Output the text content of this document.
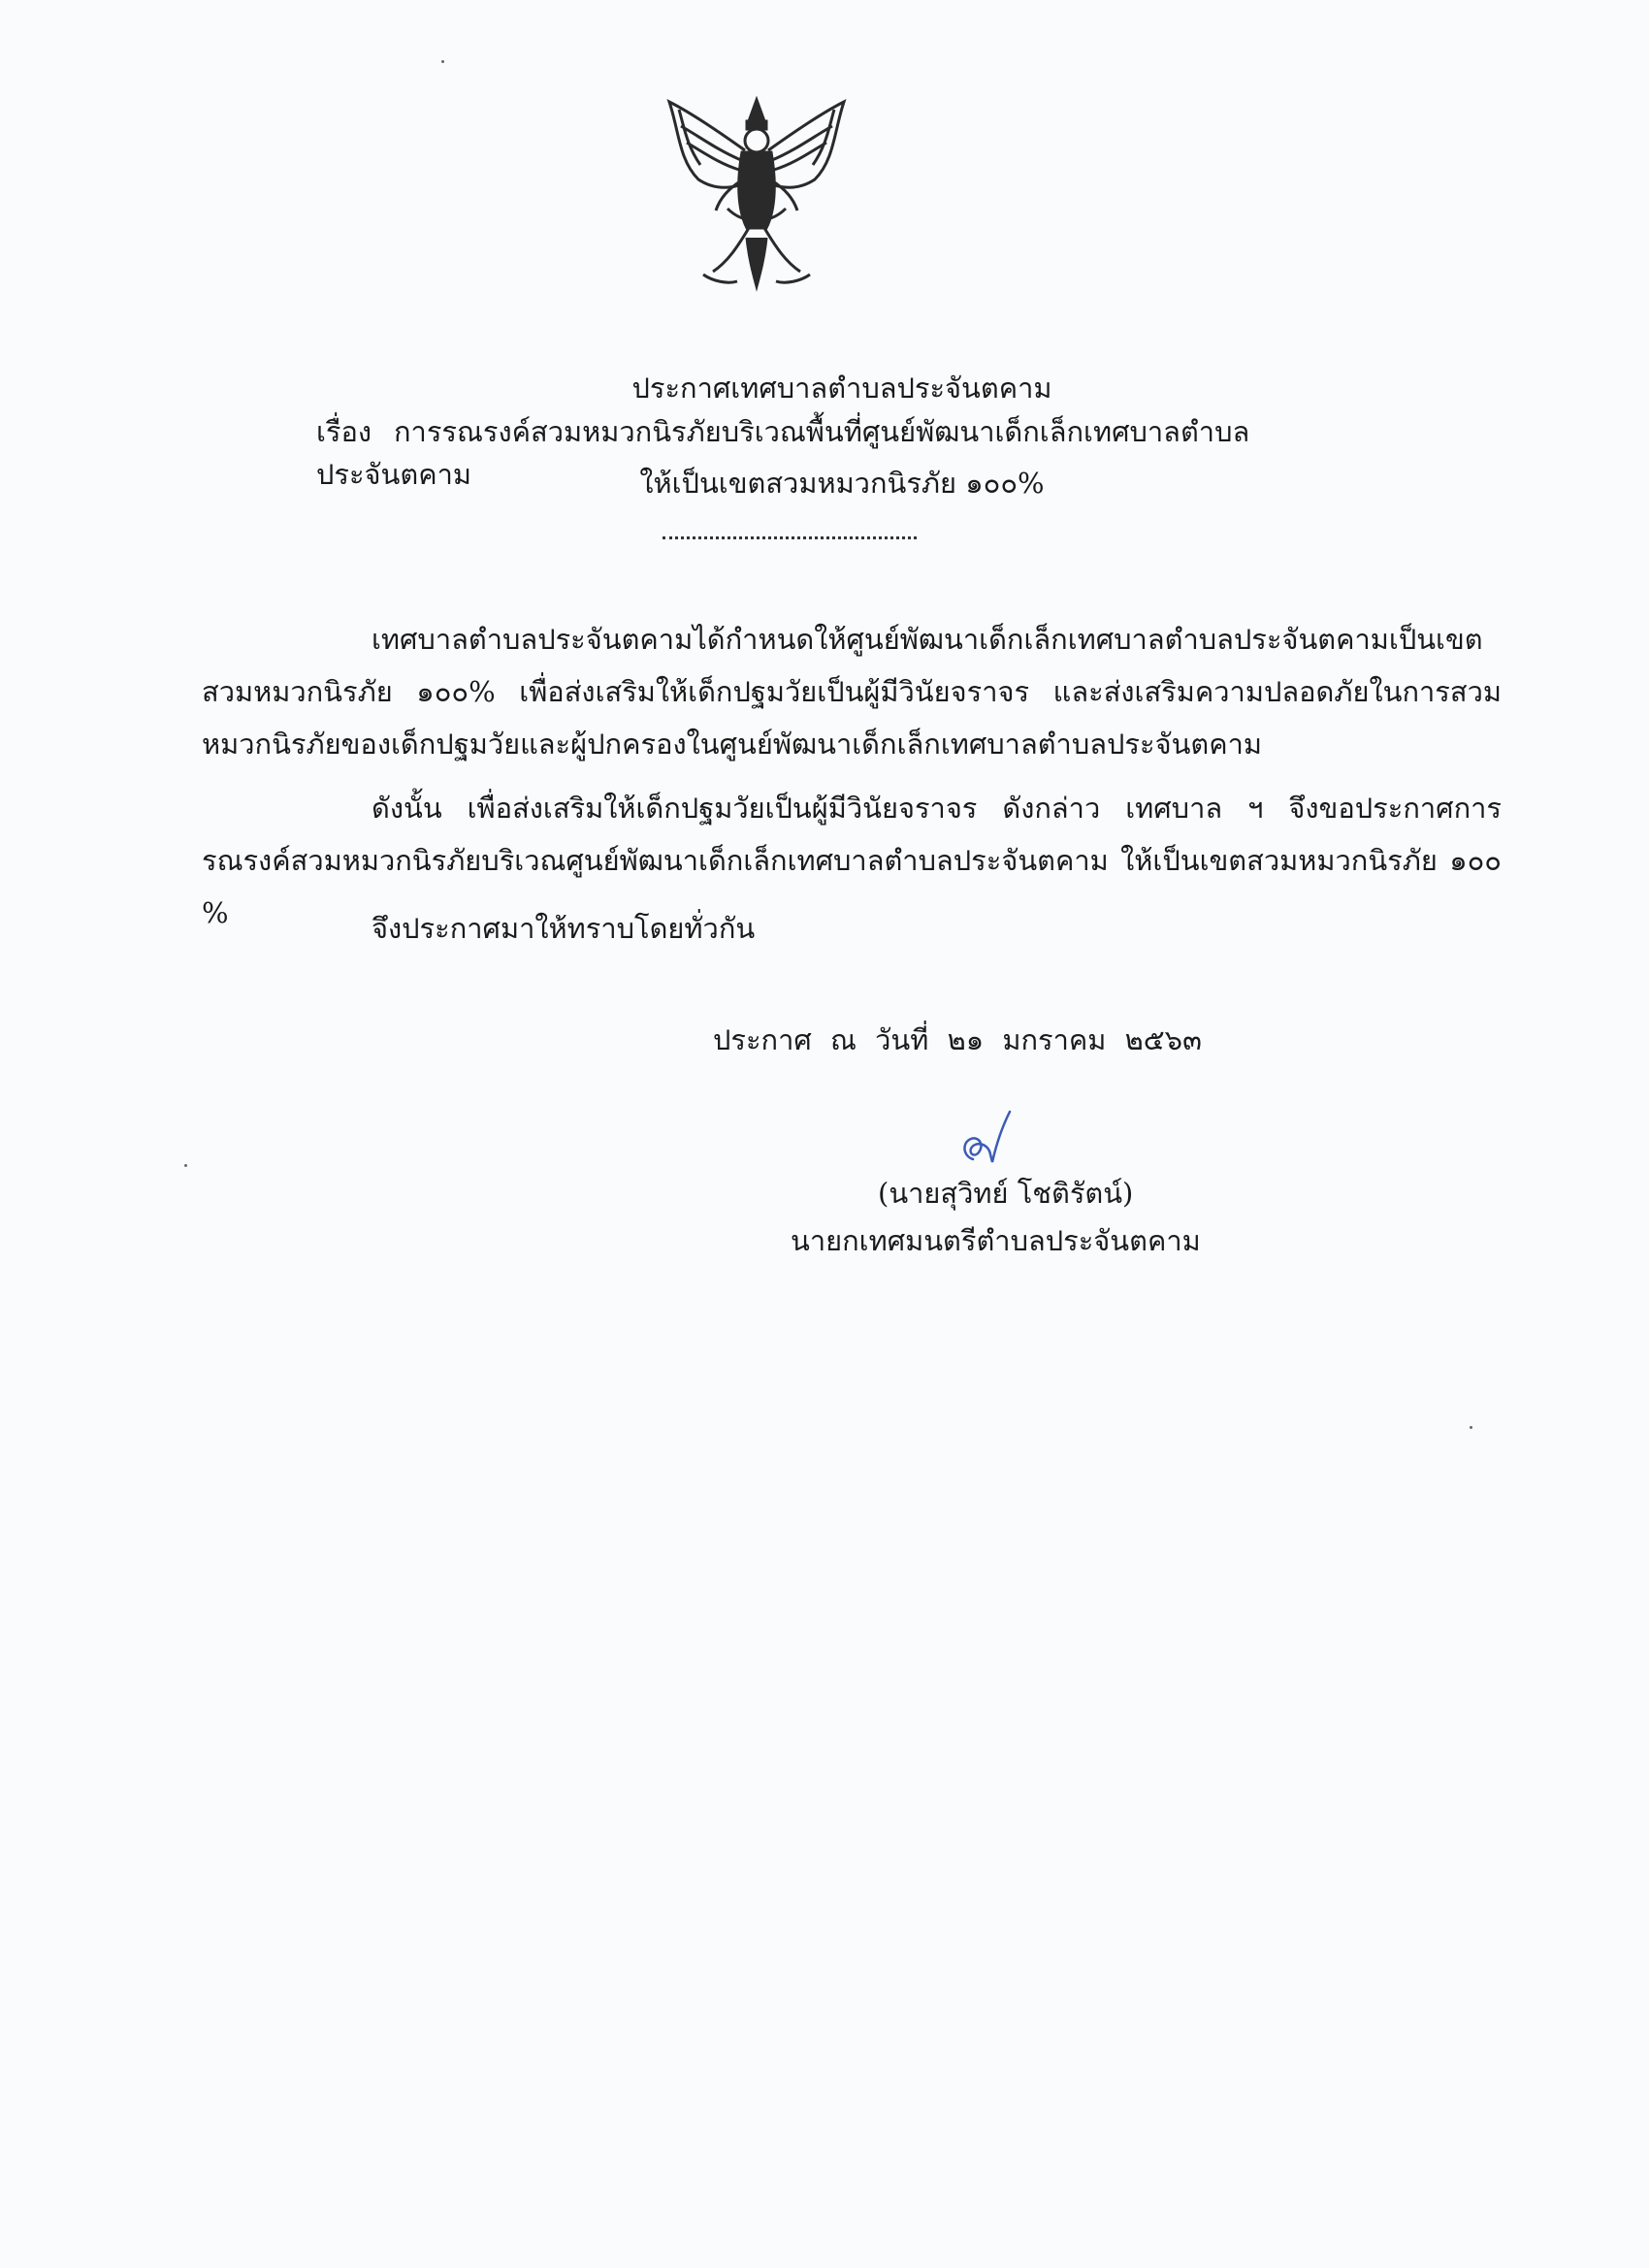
ประกาศเทศบาลตำบลประจันตคาม
เรื่อง การรณรงค์สวมหมวกนิรภัยบริเวณพื้นที่ศูนย์พัฒนาเด็กเล็กเทศบาลตำบลประจันตคาม	ให้เป็นเขตสวมหมวกนิรภัย ๑๐๐%
เทศบาลตำบลประจันตคามได้กำหนดให้ศูนย์พัฒนาเด็กเล็กเทศบาลตำบลประจันตคามเป็นเขตสวมหมวกนิรภัย ๑๐๐% เพื่อส่งเสริมให้เด็กปฐมวัยเป็นผู้มีวินัยจราจร และส่งเสริมความปลอดภัยในการสวมหมวกนิรภัยของเด็กปฐมวัยและผู้ปกครองในศูนย์พัฒนาเด็กเล็กเทศบาลตำบลประจันตคาม
ดังนั้น เพื่อส่งเสริมให้เด็กปฐมวัยเป็นผู้มีวินัยจราจร ดังกล่าว เทศบาล ฯ จึงขอประกาศการรณรงค์สวมหมวกนิรภัยบริเวณศูนย์พัฒนาเด็กเล็กเทศบาลตำบลประจันตคาม ให้เป็นเขตสวมหมวกนิรภัย ๑๐๐ %	จึงประกาศมาให้ทราบโดยทั่วกัน
ประกาศ ณ วันที่ ๒๑ มกราคม ๒๕๖๓
(นายสุวิทย์ โชติรัตน์)
นายกเทศมนตรีตำบลประจันตคาม
